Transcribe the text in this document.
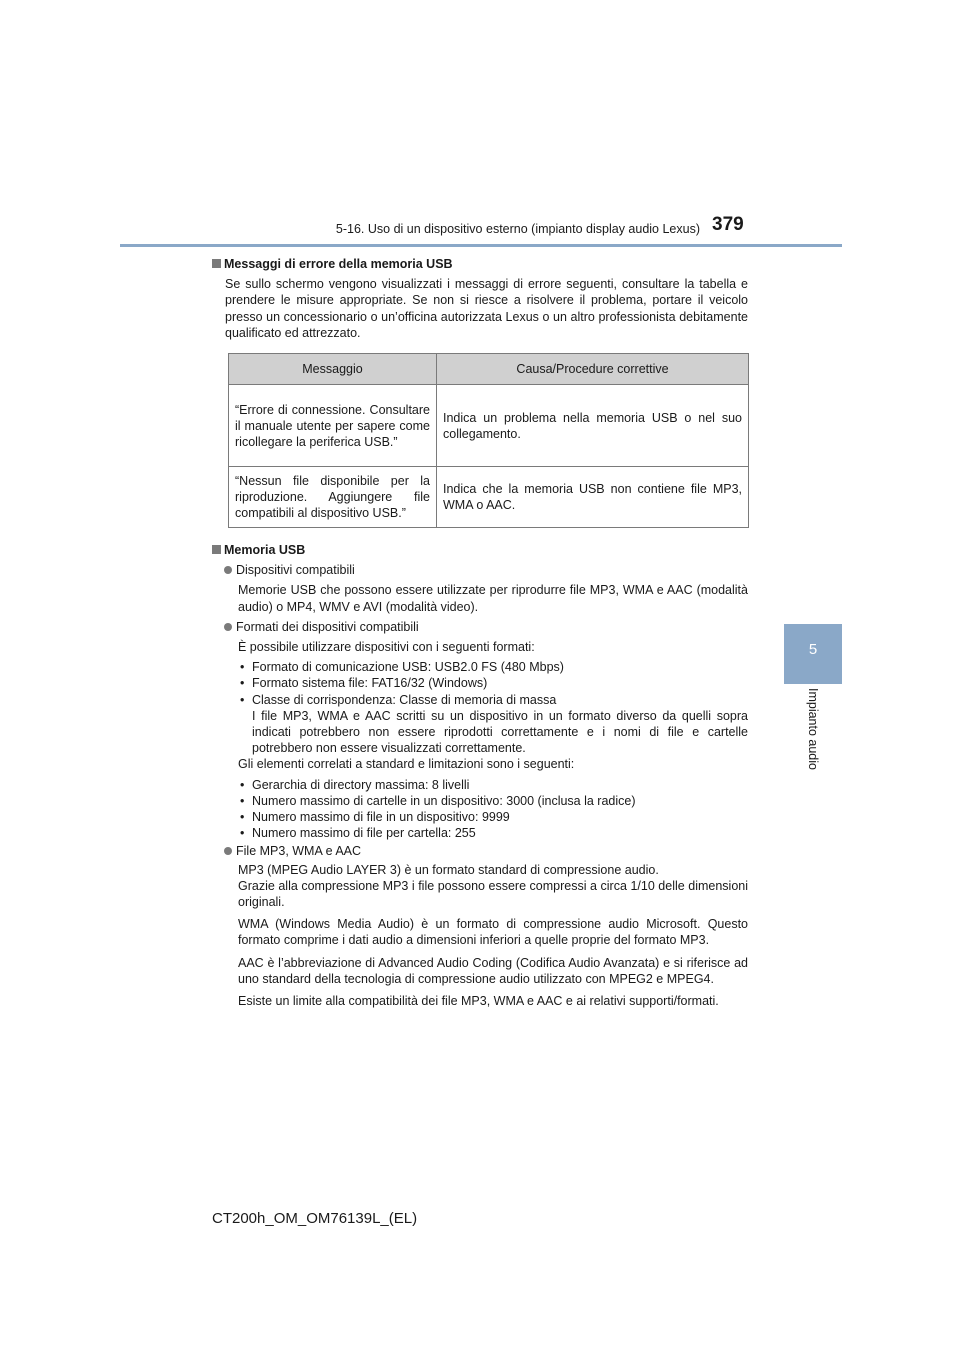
5-16. Uso di un dispositivo esterno (impianto display audio Lexus) 379
5
Impianto audio

Messaggi di errore della memoria USB

Se sullo schermo vengono visualizzati i messaggi di errore seguenti, consultare la tabella e prendere le misure appropriate. Se non si riesce a risolvere il problema, portare il veicolo presso un concessionario o un’officina autorizzata Lexus o un altro professionista debitamente qualificato ed attrezzato.

Messaggio	Causa/Procedure correttive
“Errore di connessione. Consultare il manuale utente per sapere come ricollegare la periferica USB.”	Indica un problema nella memoria USB o nel suo collegamento.
“Nessun file disponibile per la riproduzione. Aggiungere file compatibili al dispositivo USB.”	Indica che la memoria USB non contiene file MP3, WMA o AAC.

Memoria USB

Dispositivi compatibili

Memorie USB che possono essere utilizzate per riprodurre file MP3, WMA e AAC (modalità audio) o MP4, WMV e AVI (modalità video).

Formati dei dispositivi compatibili

È possibile utilizzare dispositivi con i seguenti formati:

• Formato di comunicazione USB: USB2.0 FS (480 Mbps)
• Formato sistema file: FAT16/32 (Windows)
• Classe di corrispondenza: Classe di memoria di massa

I file MP3, WMA e AAC scritti su un dispositivo in un formato diverso da quelli sopra indicati potrebbero non essere riprodotti correttamente e i nomi di file e cartelle potrebbero non essere visualizzati correttamente.

Gli elementi correlati a standard e limitazioni sono i seguenti:

• Gerarchia di directory massima: 8 livelli
• Numero massimo di cartelle in un dispositivo: 3000 (inclusa la radice)
• Numero massimo di file in un dispositivo: 9999
• Numero massimo di file per cartella: 255

File MP3, WMA e AAC

MP3 (MPEG Audio LAYER 3) è un formato standard di compressione audio.

Grazie alla compressione MP3 i file possono essere compressi a circa 1/10 delle dimensioni originali.

WMA (Windows Media Audio) è un formato di compressione audio Microsoft. Questo formato comprime i dati audio a dimensioni inferiori a quelle proprie del formato MP3.

AAC è l’abbreviazione di Advanced Audio Coding (Codifica Audio Avanzata) e si riferisce ad uno standard della tecnologia di compressione audio utilizzato con MPEG2 e MPEG4.

Esiste un limite alla compatibilità dei file MP3, WMA e AAC e ai relativi supporti/formati.

CT200h_OM_OM76139L_(EL)
